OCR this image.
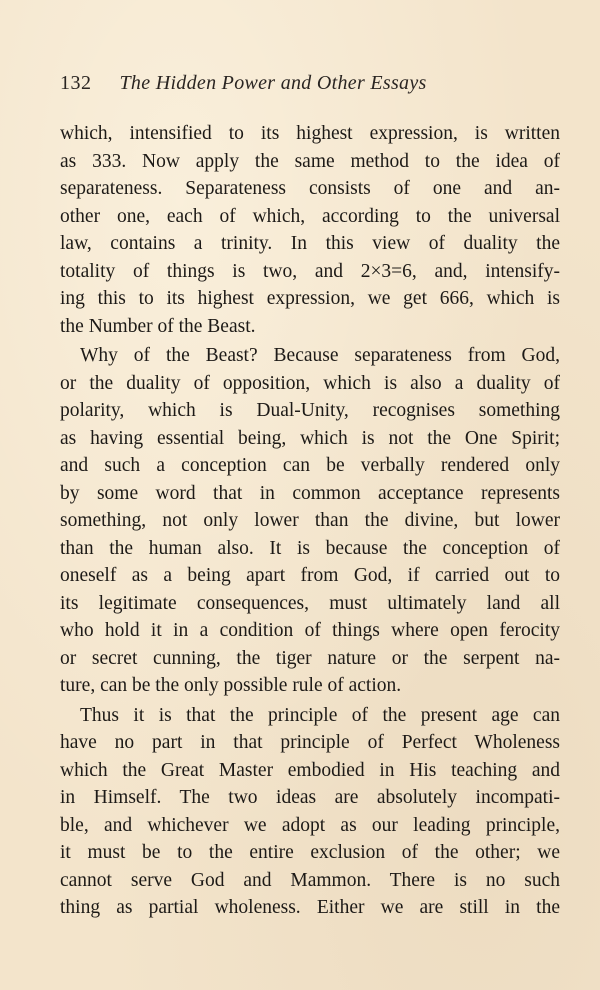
132 The Hidden Power and Other Essays
which, intensified to its highest expression, is written
as 333. Now apply the same method to the idea of
separateness. Separateness consists of one and an-
other one, each of which, according to the universal
law, contains a trinity. In this view of duality the
totality of things is two, and 2×3=6, and, intensify-
ing this to its highest expression, we get 666, which is
the Number of the Beast.
Why of the Beast? Because separateness from God,
or the duality of opposition, which is also a duality of
polarity, which is Dual-Unity, recognises something
as having essential being, which is not the One Spirit;
and such a conception can be verbally rendered only
by some word that in common acceptance represents
something, not only lower than the divine, but lower
than the human also. It is because the conception of
oneself as a being apart from God, if carried out to
its legitimate consequences, must ultimately land all
who hold it in a condition of things where open ferocity
or secret cunning, the tiger nature or the serpent na-
ture, can be the only possible rule of action.
Thus it is that the principle of the present age can
have no part in that principle of Perfect Wholeness
which the Great Master embodied in His teaching and
in Himself. The two ideas are absolutely incompati-
ble, and whichever we adopt as our leading principle,
it must be to the entire exclusion of the other; we
cannot serve God and Mammon. There is no such
thing as partial wholeness. Either we are still in the
